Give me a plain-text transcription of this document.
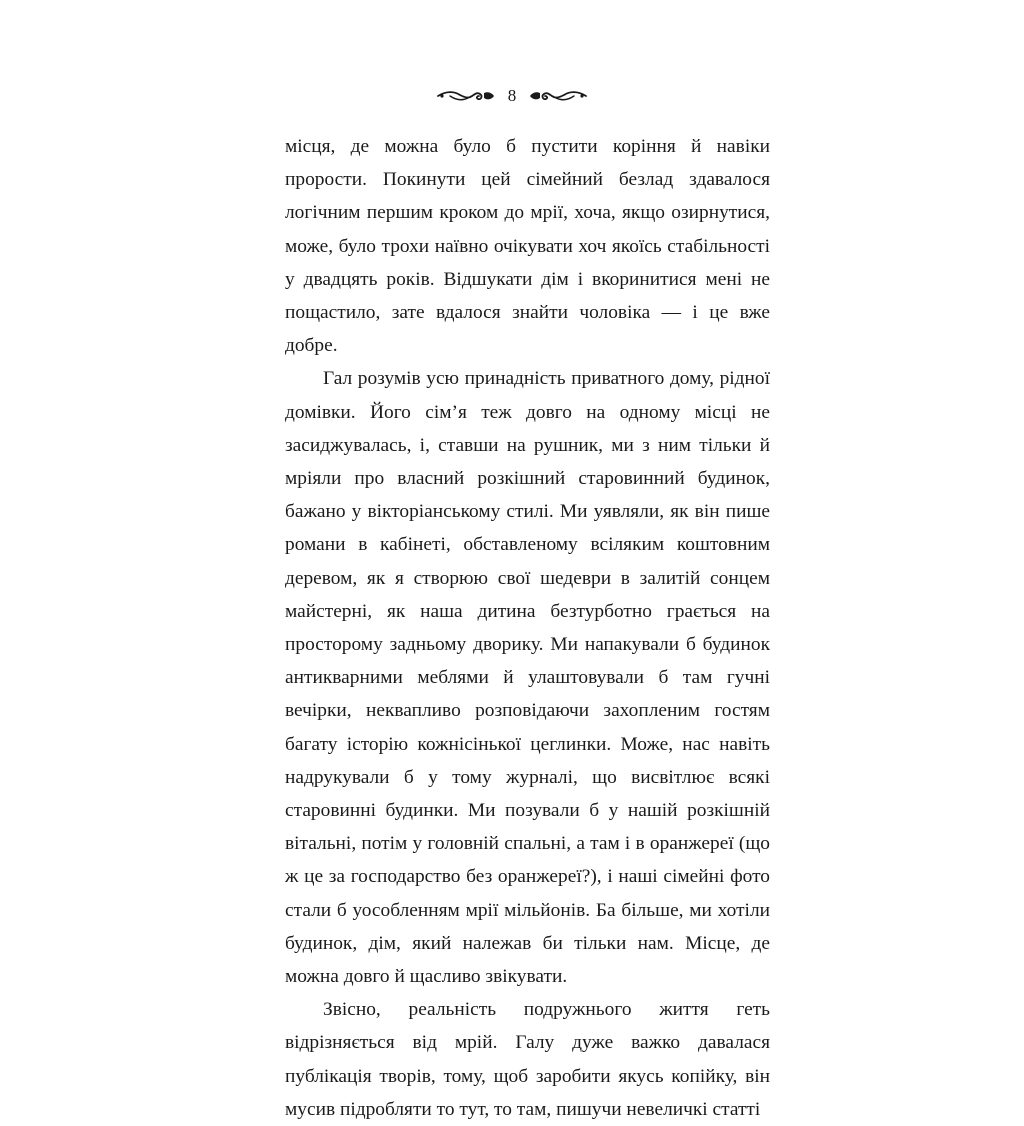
8

місця, де можна було б пустити коріння й навіки прорости. Покинути цей сімейний безлад здавалося логічним першим кроком до мрії, хоча, якщо озирнутися, може, було трохи наївно очікувати хоч якоїсь стабільності у двадцять років. Відшукати дім і вкоринитися мені не пощастило, зате вдалося знайти чоловіка — і це вже добре.

Гал розумів усю принадність приватного дому, рідної домівки. Його сім’я теж довго на одному місці не засиджувалась, і, ставши на рушник, ми з ним тільки й мріяли про власний розкішний старовинний будинок, бажано у вікторіанському стилі. Ми уявляли, як він пише романи в кабінеті, обставленому всіляким коштовним деревом, як я створюю свої шедеври в залитій сонцем майстерні, як наша дитина безтурботно грається на просторому задньому дворику. Ми напакували б будинок антикварними меблями й улаштовували б там гучні вечірки, неквапливо розповідаючи захопленим гостям багату історію кожнісінької цеглинки. Може, нас навіть надрукували б у тому журналі, що висвітлює всякі старовинні будинки. Ми позували б у нашій розкішній вітальні, потім у головній спальні, а там і в оранжереї (що ж це за господарство без оранжереї?), і наші сімейні фото стали б уособленням мрії мільйонів. Ба більше, ми хотіли будинок, дім, який належав би тільки нам. Місце, де можна довго й щасливо звікувати.

Звісно, реальність подружнього життя геть відрізняється від мрій. Галу дуже важко давалася публікація творів, тому, щоб заробити якусь копійку, він мусив підробляти то тут, то там, пишучи невеличкі статті
